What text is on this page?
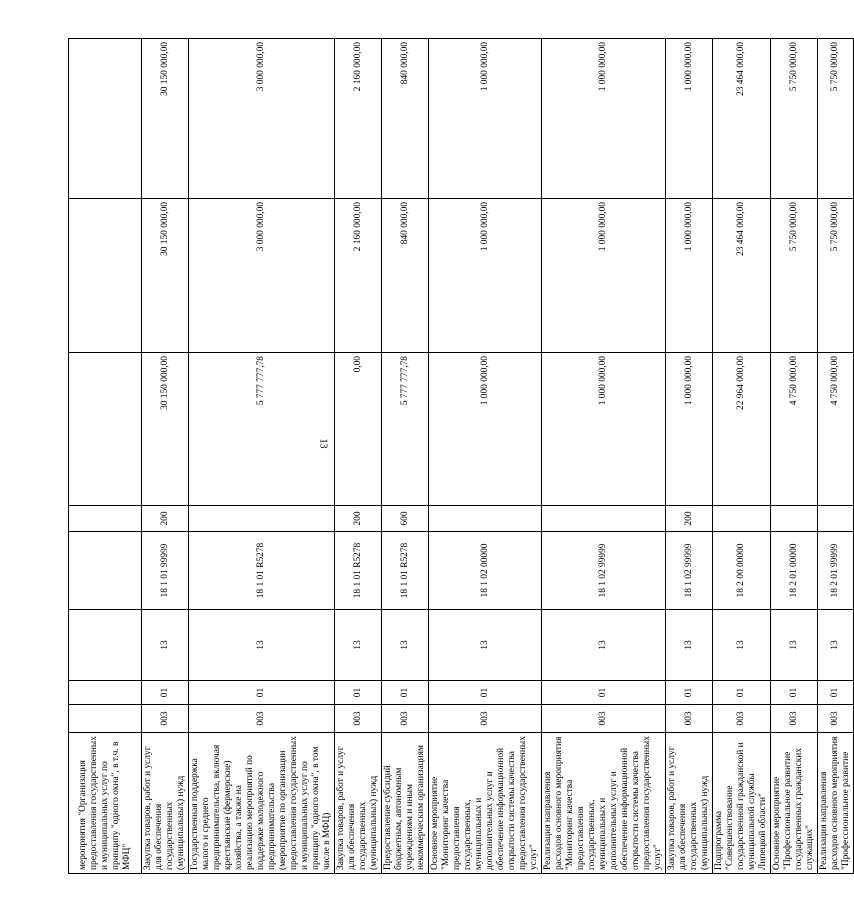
13
мероприятия "Организация предоставления государственных и муниципальных услуг по принципу "одного окна", в т.ч. в МФЦ"								
Закупка товаров, работ и услуг для обеспечения государственных (муниципальных) нужд	003	01	13	18 1 01 99999	200	30 150 000,00	30 150 000,00	30 150 000,00
Государственная поддержка малого и среднего предпринимательства, включая крестьянские (фермерские) хозяйства, а также на реализацию мероприятий по поддержке молодежного предпринимательства (мероприятие по организации предоставления государственных и муниципальных услуг по принципу "одного окна", в том числе в МФЦ)	003	01	13	18 1 01 R5278		5 777 777,78	3 000 000,00	3 000 000,00
Закупка товаров, работ и услуг для обеспечения государственных (муниципальных) нужд	003	01	13	18 1 01 R5278	200	0,00	2 160 000,00	2 160 000,00
Предоставление субсидий бюджетным, автономным учреждениям и иным некоммерческим организациям	003	01	13	18 1 01 R5278	600	5 777 777,78	840 000,00	840 000,00
Основное мероприятие "Мониторинг качества предоставления государственных, муниципальных и дополнительных услуг и обеспечение информационной открытости системы качества предоставления государственных услуг"	003	01	13	18 1 02 00000		1 000 000,00	1 000 000,00	1 000 000,00
Реализация направления расходов основного мероприятия "Мониторинг качества предоставления государственных, муниципальных и дополнительных услуг и обеспечение информационной открытости системы качества предоставления государственных услуг"	003	01	13	18 1 02 99999		1 000 000,00	1 000 000,00	1 000 000,00
Закупка товаров, работ и услуг для обеспечения государственных (муниципальных) нужд	003	01	13	18 1 02 99999	200	1 000 000,00	1 000 000,00	1 000 000,00
Подпрограмма "Совершенствование государственной гражданской и муниципальной службы Липецкой области"	003	01	13	18 2 00 00000		22 964 000,00	23 464 000,00	23 464 000,00
Основное мероприятие "Профессиональное развитие государственных гражданских служащих"	003	01	13	18 2 01 00000		4 750 000,00	5 750 000,00	5 750 000,00
Реализация направления расходов основного мероприятия "Профессиональное развитие	003	01	13	18 2 01 99999		4 750 000,00	5 750 000,00	5 750 000,00
